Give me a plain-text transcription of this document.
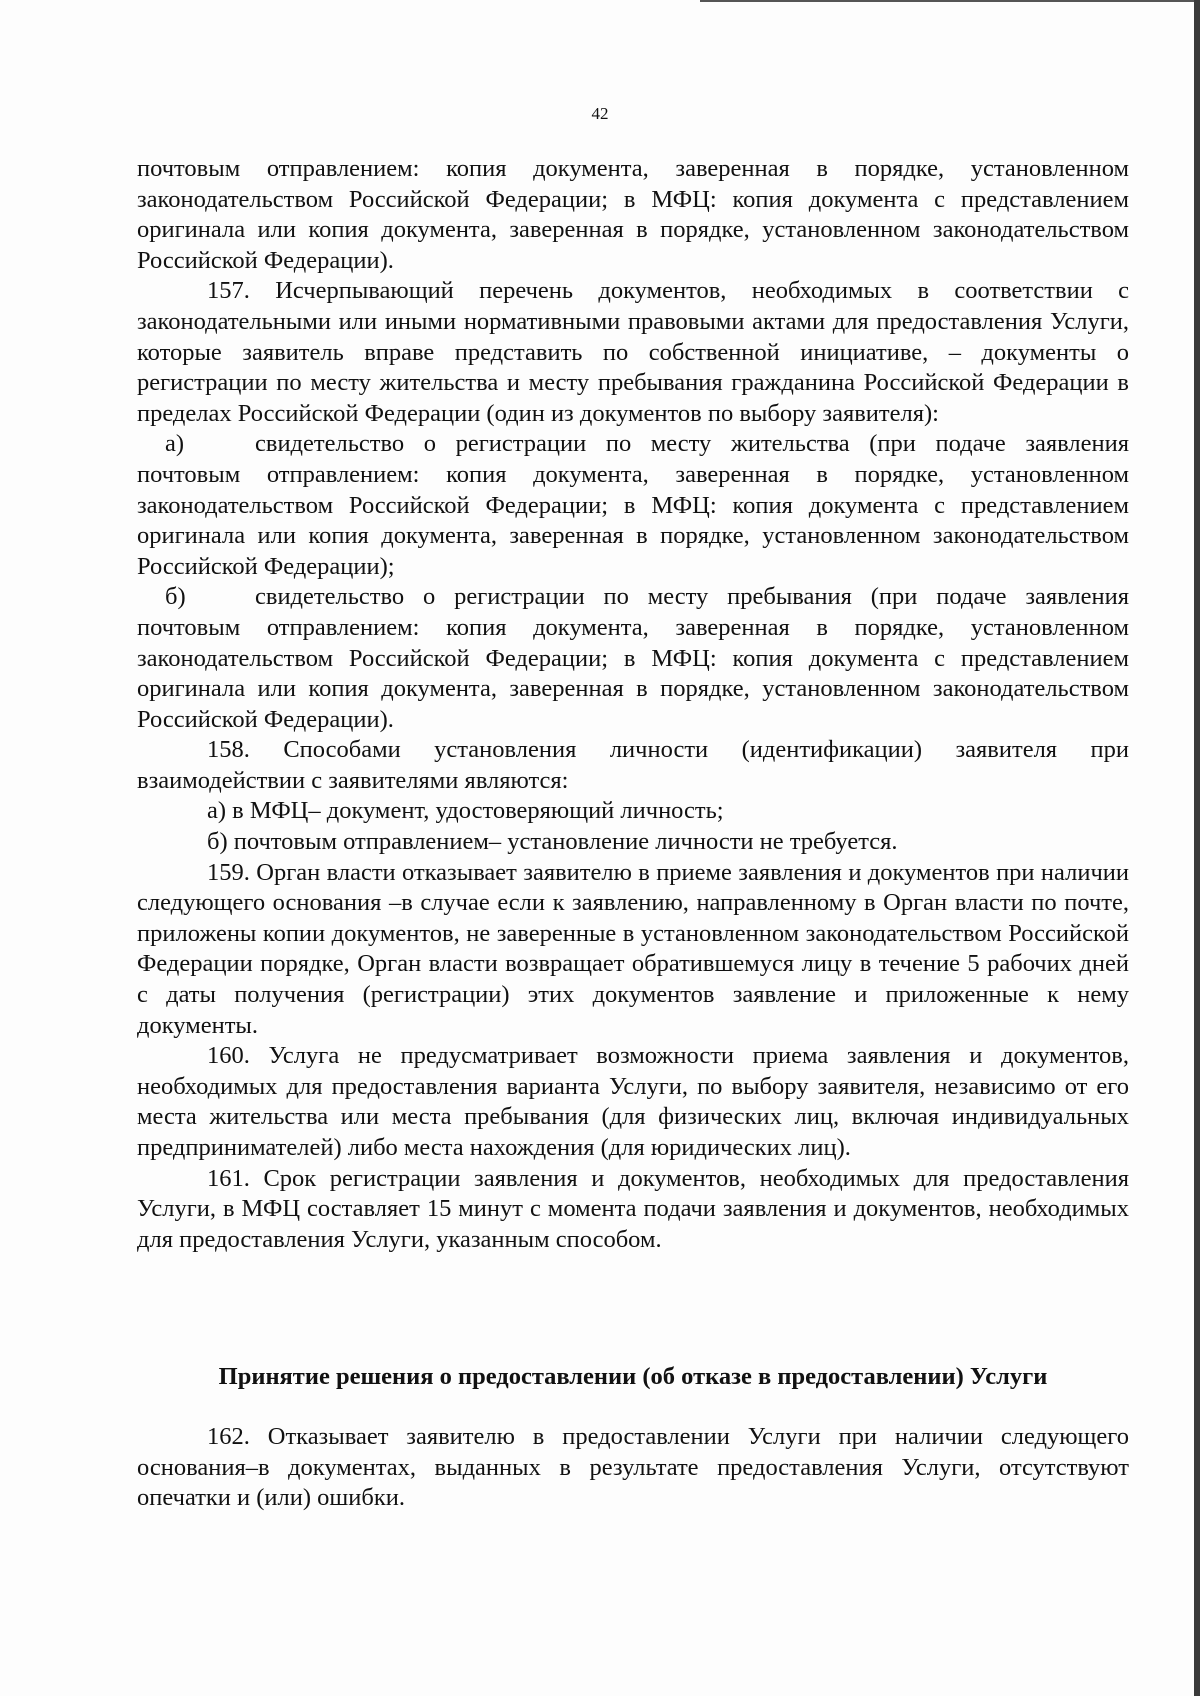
42

почтовым отправлением: копия документа, заверенная в порядке, установленном законодательством Российской Федерации; в МФЦ: копия документа с представлением оригинала или копия документа, заверенная в порядке, установленном законодательством Российской Федерации).

157. Исчерпывающий перечень документов, необходимых в соответствии с законодательными или иными нормативными правовыми актами для предоставления Услуги, которые заявитель вправе представить по собственной инициативе, – документы о регистрации по месту жительства и месту пребывания гражданина Российской Федерации в пределах Российской Федерации (один из документов по выбору заявителя):

а)	свидетельство о регистрации по месту жительства (при подаче заявления почтовым отправлением: копия документа, заверенная в порядке, установленном законодательством Российской Федерации; в МФЦ: копия документа с представлением оригинала или копия документа, заверенная в порядке, установленном законодательством Российской Федерации);

б)	свидетельство о регистрации по месту пребывания (при подаче заявления почтовым отправлением: копия документа, заверенная в порядке, установленном законодательством Российской Федерации; в МФЦ: копия документа с представлением оригинала или копия документа, заверенная в порядке, установленном законодательством Российской Федерации).

158. Способами установления личности (идентификации) заявителя при взаимодействии с заявителями являются:

а) в МФЦ– документ, удостоверяющий личность;

б) почтовым отправлением– установление личности не требуется.

159. Орган власти отказывает заявителю в приеме заявления и документов при наличии следующего основания –в случае если к заявлению, направленному в Орган власти по почте, приложены копии документов, не заверенные в установленном законодательством Российской Федерации порядке, Орган власти возвращает обратившемуся лицу в течение 5 рабочих дней с даты получения (регистрации) этих документов заявление и приложенные к нему документы.

160. Услуга не предусматривает возможности приема заявления и документов, необходимых для предоставления варианта Услуги, по выбору заявителя, независимо от его места жительства или места пребывания (для физических лиц, включая индивидуальных предпринимателей) либо места нахождения (для юридических лиц).

161. Срок регистрации заявления и документов, необходимых для предоставления Услуги, в МФЦ составляет 15 минут с момента подачи заявления и документов, необходимых для предоставления Услуги, указанным способом.

Принятие решения о предоставлении (об отказе в предоставлении) Услуги

162. Отказывает заявителю в предоставлении Услуги при наличии следующего основания–в документах, выданных в результате предоставления Услуги, отсутствуют опечатки и (или) ошибки.
